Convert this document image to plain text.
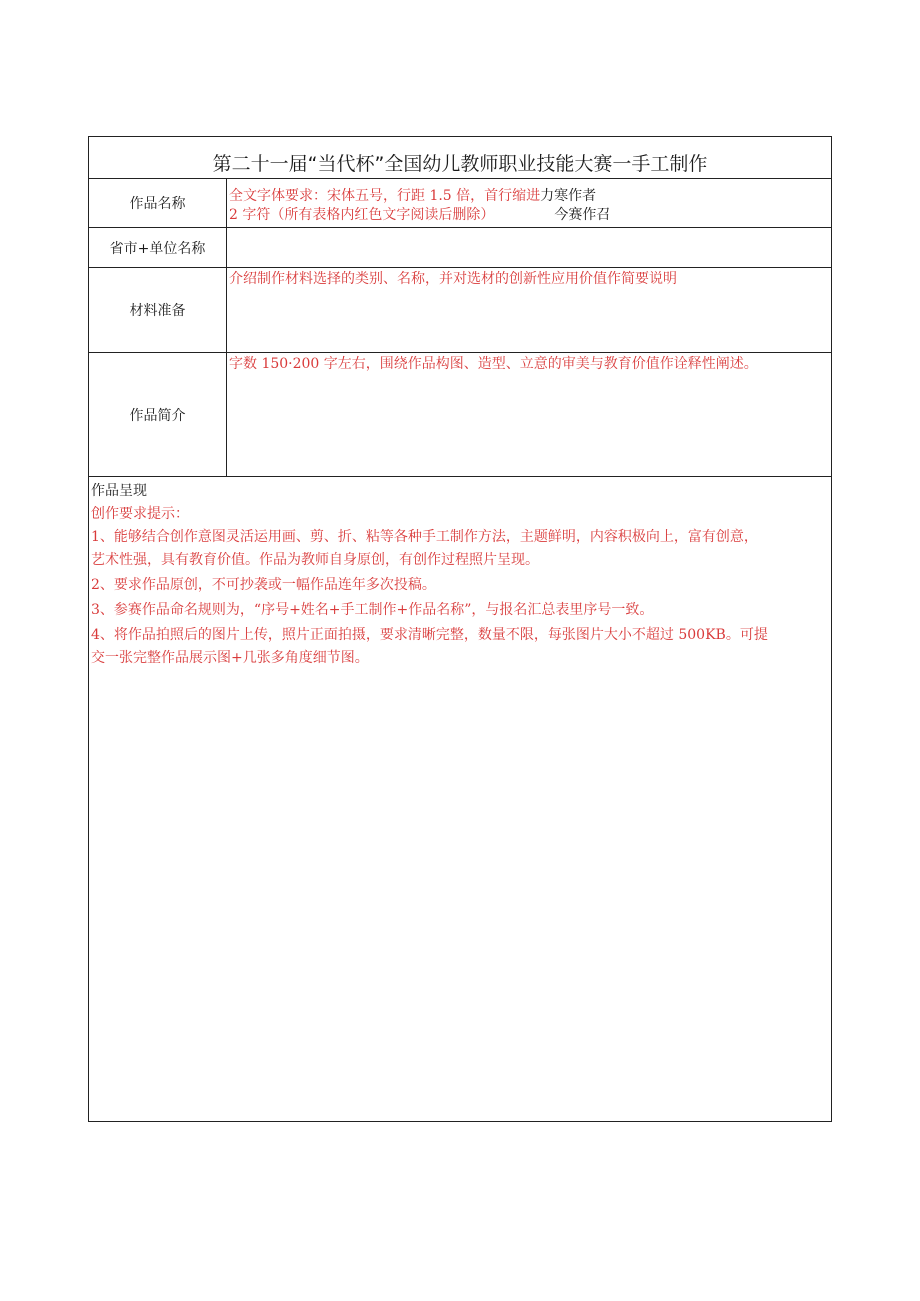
第二十一届“当代杯”全国幼儿教师职业技能大赛一手工制作
作品名称	全文字体要求：宋体五号，行距 1.5 倍，首行缩进力寒作者
2 字符（所有表格内红色文字阅读后删除）	今赛作召
省市+单位名称
材料准备
介绍制作材料选择的类别、名称，并对选材的创新性应用价值作简要说明
作品简介
字数 150·200 字左右，围绕作品构图、造型、立意的审美与教育价值作诠释性阐述。

作品呈现

创作要求提示：

1、能够结合创作意图灵活运用画、剪、折、粘等各种手工制作方法，主题鲜明，内容积极向上，富有创意，

艺术性强，具有教育价值。作品为教师自身原创，有创作过程照片呈现。

2、要求作品原创，不可抄袭或一幅作品连年多次投稿。

3、参赛作品命名规则为，“序号+姓名+手工制作+作品名称”，与报名汇总表里序号一致。

4、将作品拍照后的图片上传，照片正面拍摄，要求清晰完整，数量不限，每张图片大小不超过 500KB。可提

交一张完整作品展示图+几张多角度细节图。
